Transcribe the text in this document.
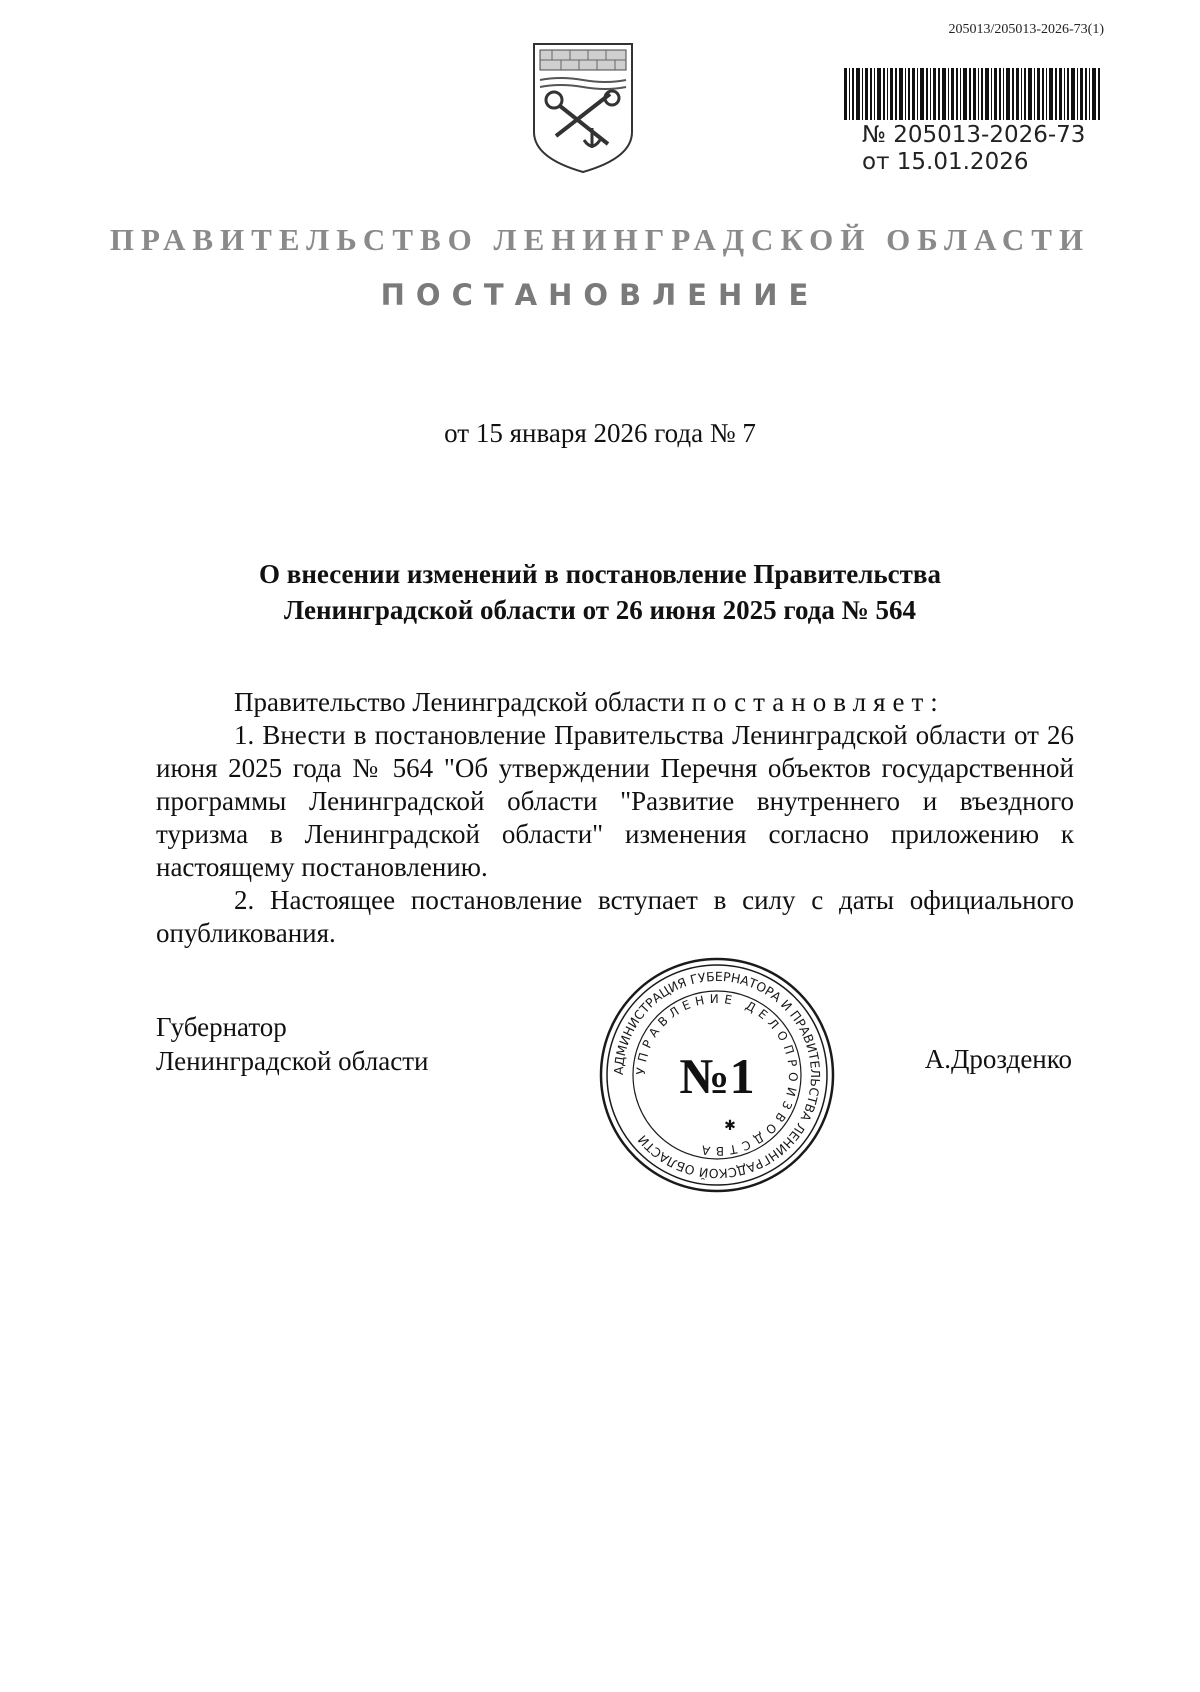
205013/205013-2026-73(1)
№ 205013-2026-73
от 15.01.2026
ПРАВИТЕЛЬСТВО ЛЕНИНГРАДСКОЙ ОБЛАСТИ
ПОСТАНОВЛЕНИЕ
от 15 января 2026 года № 7
О внесении изменений в постановление Правительства
Ленинградской области от 26 июня 2025 года № 564

Правительство Ленинградской области постановляет:

1. Внести в постановление Правительства Ленинградской области от 26 июня 2025 года № 564 "Об утверждении Перечня объектов государственной программы Ленинградской области "Развитие внутреннего и въездного туризма в Ленинградской области" изменения согласно приложению к настоящему постановлению.

2. Настоящее постановление вступает в силу с даты официального опубликования.

Губернатор
Ленинградской области	АДМИНИСТРАЦИЯ ГУБЕРНАТОРА И ПРАВИТЕЛЬСТВА ЛЕНИНГРАДСКОЙ ОБЛАСТИ
УПРАВЛЕНИЕ ДЕЛОПРОИЗВОДСТВА
№1
✱
А.Дрозденко
